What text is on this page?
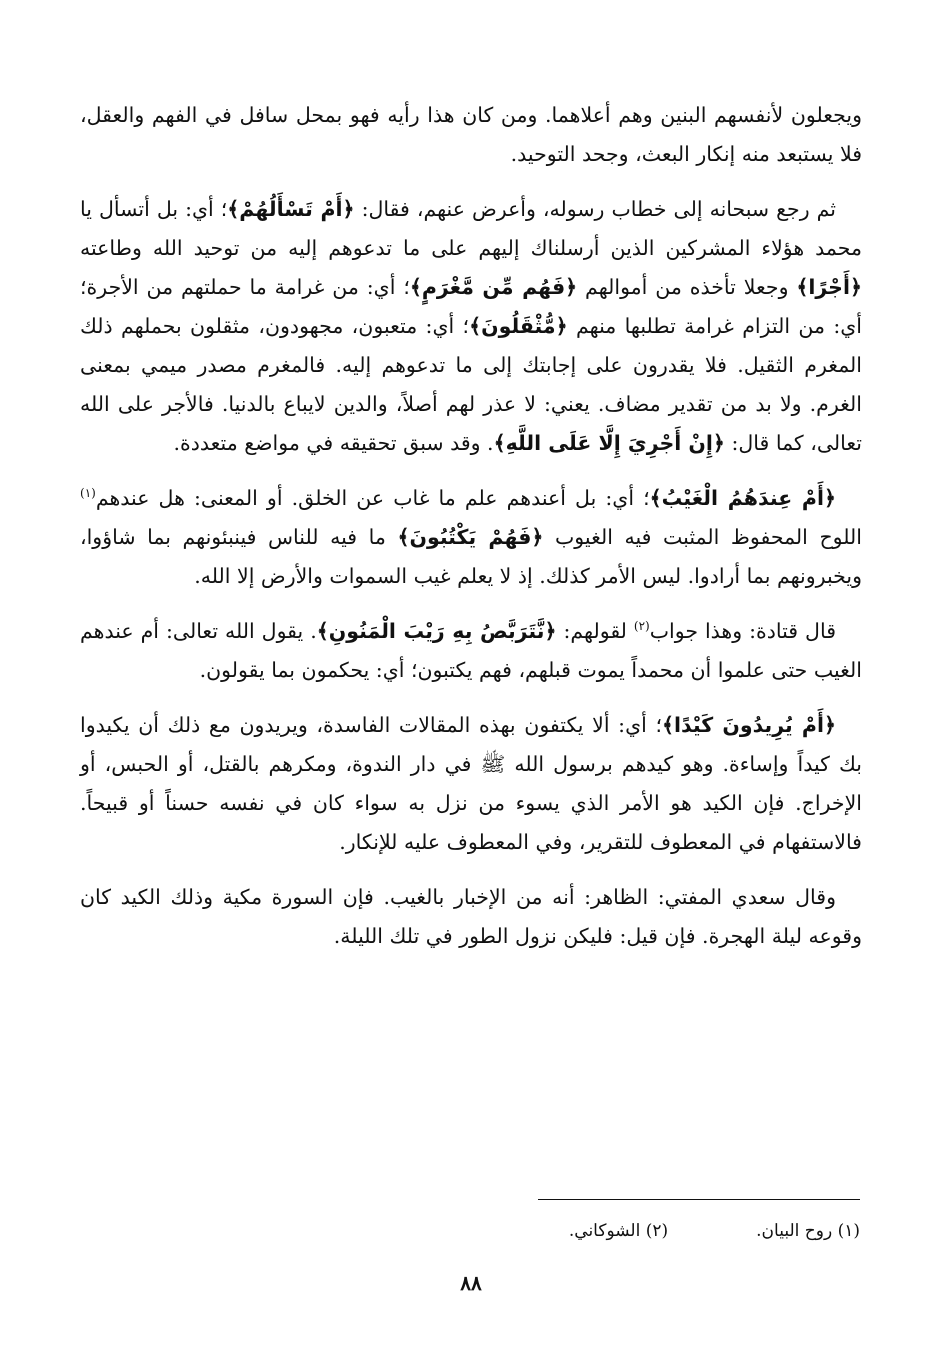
ويجعلون لأنفسهم البنين وهم أعلاهما. ومن كان هذا رأيه فهو بمحل سافل في الفهم والعقل، فلا يستبعد منه إنكار البعث، وجحد التوحيد.

ثم رجع سبحانه إلى خطاب رسوله، وأعرض عنهم، فقال: ﴿أَمْ تَسْأَلُهُمْ﴾؛ أي: بل أتسأل يا محمد هؤلاء المشركين الذين أرسلناك إليهم على ما تدعوهم إليه من توحيد الله وطاعته ﴿أَجْرًا﴾ وجعلا تأخذه من أموالهم ﴿فَهُم مِّن مَّغْرَمٍ﴾؛ أي: من غرامة ما حملتهم من الأجرة؛ أي: من التزام غرامة تطلبها منهم ﴿مُّثْقَلُونَ﴾؛ أي: متعبون، مجهودون، مثقلون بحملهم ذلك المغرم الثقيل. فلا يقدرون على إجابتك إلى ما تدعوهم إليه. فالمغرم مصدر ميمي بمعنى الغرم. ولا بد من تقدير مضاف. يعني: لا عذر لهم أصلاً، والدين لايباع بالدنيا. فالأجر على الله تعالى، كما قال: ﴿إِنْ أَجْرِيَ إِلَّا عَلَى اللَّهِ﴾. وقد سبق تحقيقه في مواضع متعددة.

﴿أَمْ عِندَهُمُ الْغَيْبُ﴾؛ أي: بل أعندهم علم ما غاب عن الخلق. أو المعنى: هل عندهم$^{(١)}$ اللوح المحفوظ المثبت فيه الغيوب ﴿فَهُمْ يَكْتُبُونَ﴾ ما فيه للناس فينبئونهم بما شاؤوا، ويخبرونهم بما أرادوا. ليس الأمر كذلك. إذ لا يعلم غيب السموات والأرض إلا الله.

قال قتادة: وهذا جواب$^{(٢)}$ لقولهم: ﴿نَّتَرَبَّصُ بِهِ رَيْبَ الْمَنُونِ﴾. يقول الله تعالى: أم عندهم الغيب حتى علموا أن محمداً يموت قبلهم، فهم يكتبون؛ أي: يحكمون بما يقولون.

﴿أَمْ يُرِيدُونَ كَيْدًا﴾؛ أي: ألا يكتفون بهذه المقالات الفاسدة، ويريدون مع ذلك أن يكيدوا بك كيداً وإساءة. وهو كيدهم برسول الله ﷺ في دار الندوة، ومكرهم بالقتل، أو الحبس، أو الإخراج. فإن الكيد هو الأمر الذي يسوء من نزل به سواء كان في نفسه حسناً أو قبيحاً. فالاستفهام في المعطوف للتقرير، وفي المعطوف عليه للإنكار.

وقال سعدي المفتي: الظاهر: أنه من الإخبار بالغيب. فإن السورة مكية وذلك الكيد كان وقوعه ليلة الهجرة. فإن قيل: فليكن نزول الطور في تلك الليلة.

(١) روح البيان.
(٢) الشوكاني.
٨٨
